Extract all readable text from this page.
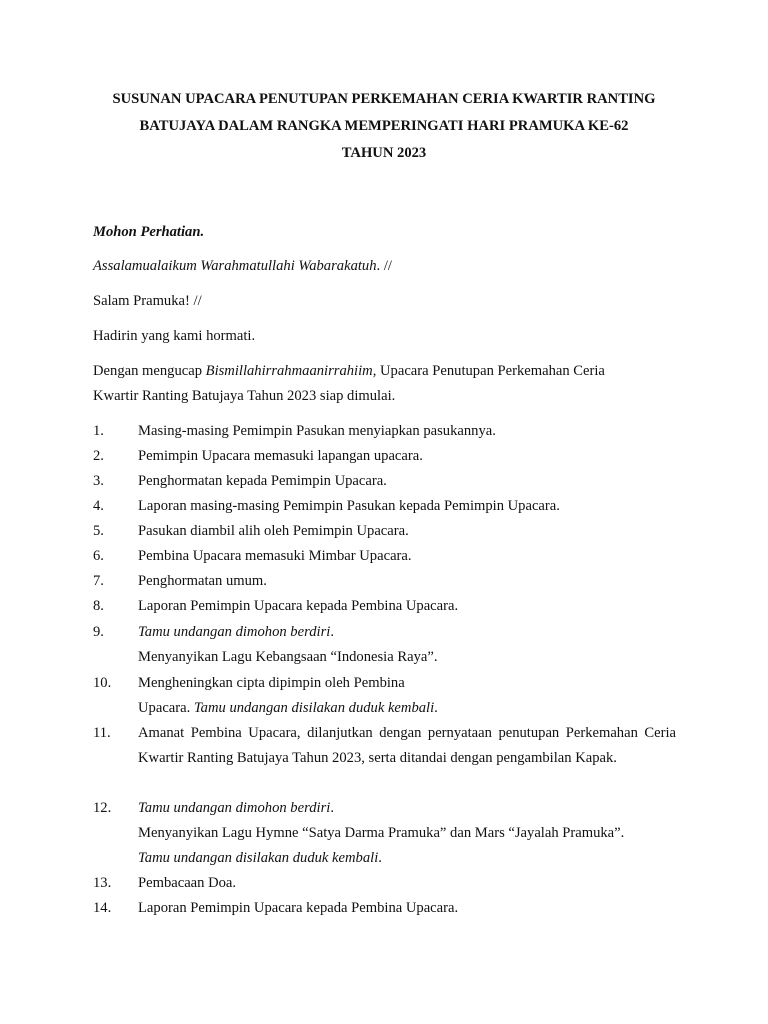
SUSUNAN UPACARA PENUTUPAN PERKEMAHAN CERIA KWARTIR RANTING
BATUJAYA DALAM RANGKA MEMPERINGATI HARI PRAMUKA KE-62
TAHUN 2023

Mohon Perhatian.

Assalamualaikum Warahmatullahi Wabarakatuh. //

Salam Pramuka! //

Hadirin yang kami hormati.

Dengan mengucap Bismillahirrahmaanirrahiim, Upacara Penutupan Perkemahan Ceria

Kwartir Ranting Batujaya Tahun 2023 siap dimulai.

1.	Masing-masing Pemimpin Pasukan menyiapkan pasukannya.
2.	Pemimpin Upacara memasuki lapangan upacara.
3.	Penghormatan kepada Pemimpin Upacara.
4.	Laporan masing-masing Pemimpin Pasukan kepada Pemimpin Upacara.
5.	Pasukan diambil alih oleh Pemimpin Upacara.
6.	Pembina Upacara memasuki Mimbar Upacara.
7.	Penghormatan umum.
8.	Laporan Pemimpin Upacara kepada Pembina Upacara.
9.	Tamu undangan dimohon berdiri.
Menyanyikan Lagu Kebangsaan “Indonesia Raya”.
10.	Mengheningkan cipta dipimpin oleh Pembina
Upacara. Tamu undangan disilakan duduk kembali.
11.	Amanat Pembina Upacara, dilanjutkan dengan pernyataan penutupan Perkemahan Ceria Kwartir Ranting Batujaya Tahun 2023, serta ditandai dengan pengambilan Kapak.
12.	Tamu undangan dimohon berdiri.
Menyanyikan Lagu Hymne “Satya Darma Pramuka” dan Mars “Jayalah Pramuka”.
Tamu undangan disilakan duduk kembali.
13.	Pembacaan Doa.
14.	Laporan Pemimpin Upacara kepada Pembina Upacara.
